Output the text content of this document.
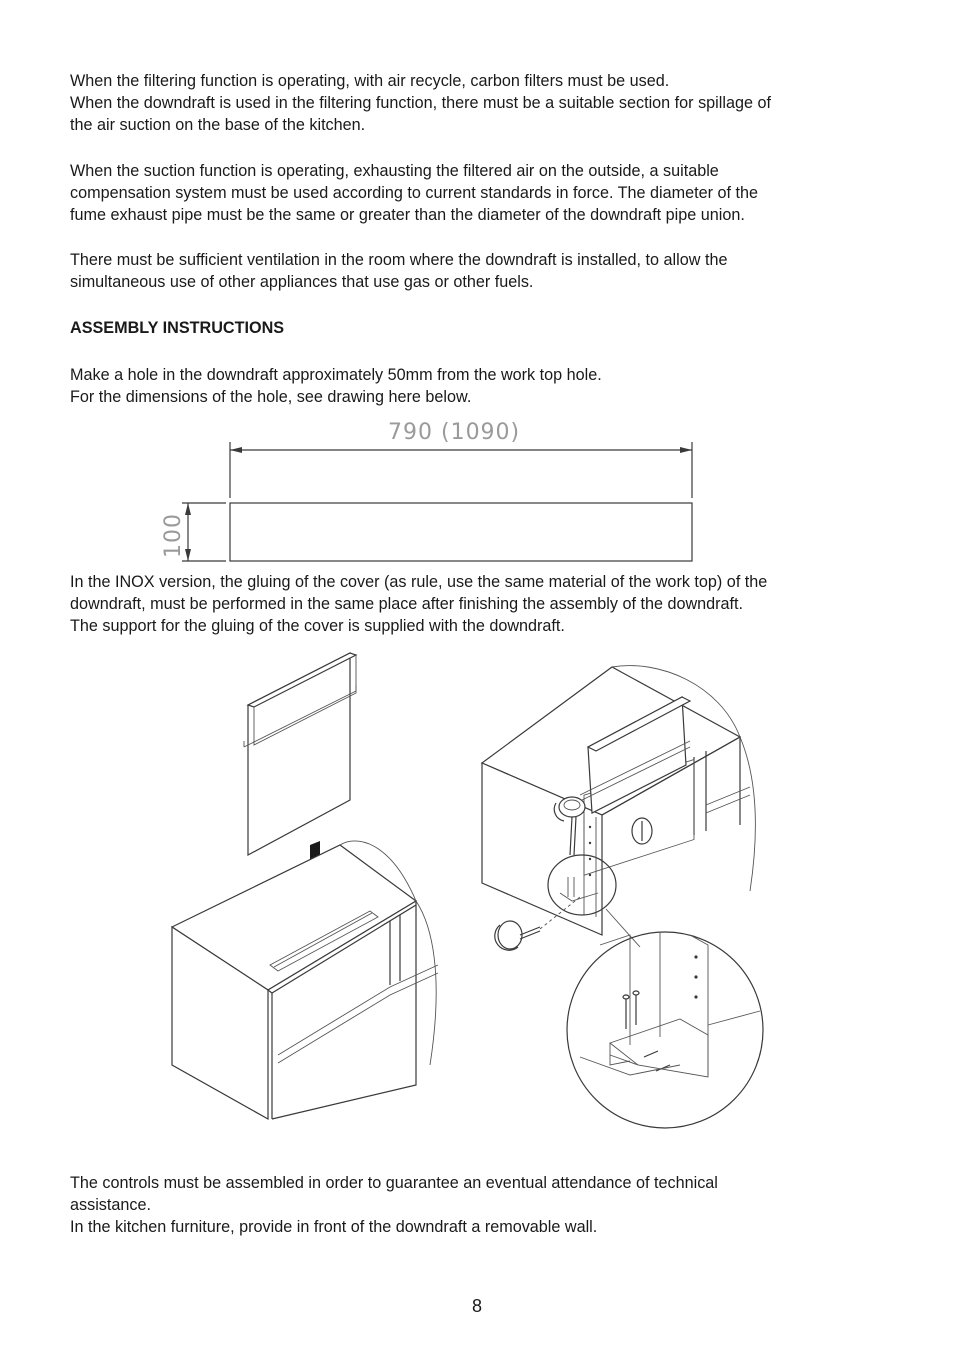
When the filtering function is operating, with air recycle, carbon filters must be used.
When the downdraft is used in the filtering function, there must be a suitable section for spillage of
the air suction on the base of the kitchen.
When the suction function is operating, exhausting the filtered air on the outside, a suitable
compensation system must be used according to current standards in force. The diameter of the
fume exhaust pipe must be the same or greater than the diameter of the downdraft pipe union.
There must be sufficient ventilation in the room where the downdraft is installed, to allow the
simultaneous use of other appliances that use gas or other fuels.
ASSEMBLY INSTRUCTIONS
Make a hole in the downdraft approximately 50mm from the work top hole.
For the dimensions of the hole, see drawing here below.
790 (1090)
100
In the INOX version, the gluing of the cover (as rule, use the same material of the work top) of the
downdraft, must be performed in the same place after finishing the assembly of the downdraft.
The support for the gluing of the cover is supplied with the downdraft.
The controls must be assembled in order to guarantee an eventual attendance of technical
assistance.
In the kitchen furniture, provide in front of the downdraft a removable wall.
8
